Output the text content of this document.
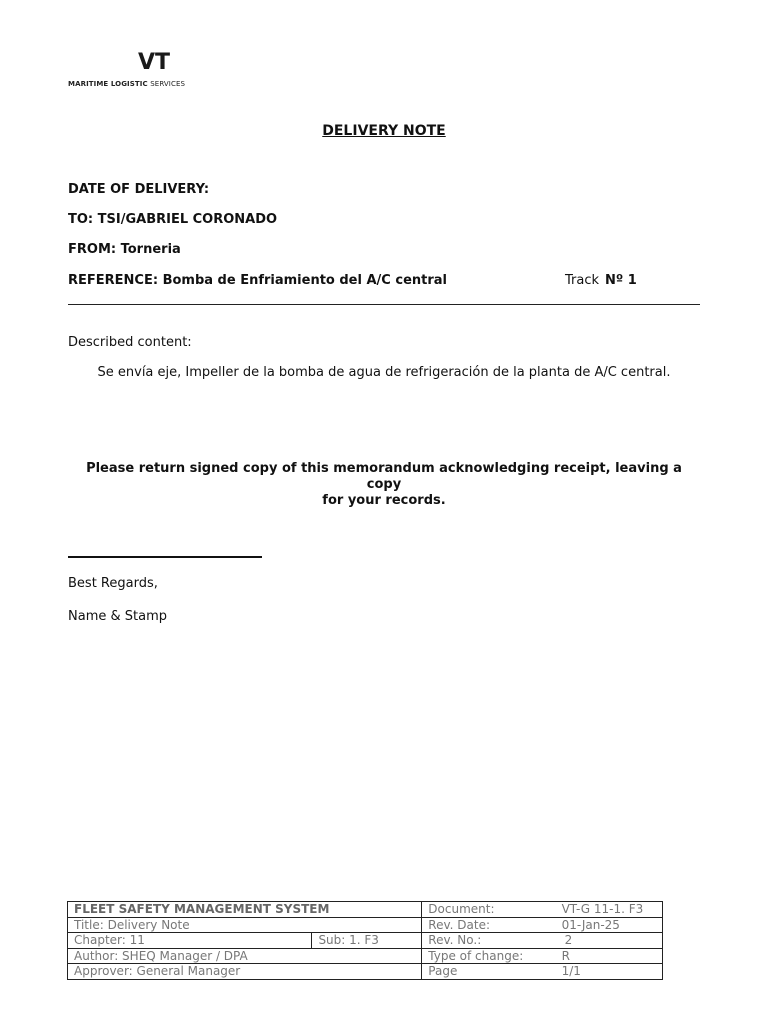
VT
MARITIME LOGISTIC SERVICES
DELIVERY NOTE
DATE OF DELIVERY:
TO: TSI/GABRIEL CORONADO
FROM: Torneria
REFERENCE: Bomba de Enfriamiento del A/C central	Track Nº 1
Described content:
Se envía eje, Impeller de la bomba de agua de refrigeración de la planta de A/C central.
Please return signed copy of this memorandum acknowledging receipt, leaving a copy
for your records.
Best Regards,
Name & Stamp
FLEET SAFETY MANAGEMENT SYSTEM		Document:	VT-G 11-1. F3
Title: Delivery Note		Rev. Date:	01-Jan-25
Chapter: 11	Sub: 1. F3	Rev. No.:	2
Author: SHEQ Manager / DPA		Type of change:	R
Approver: General Manager		Page	1/1
